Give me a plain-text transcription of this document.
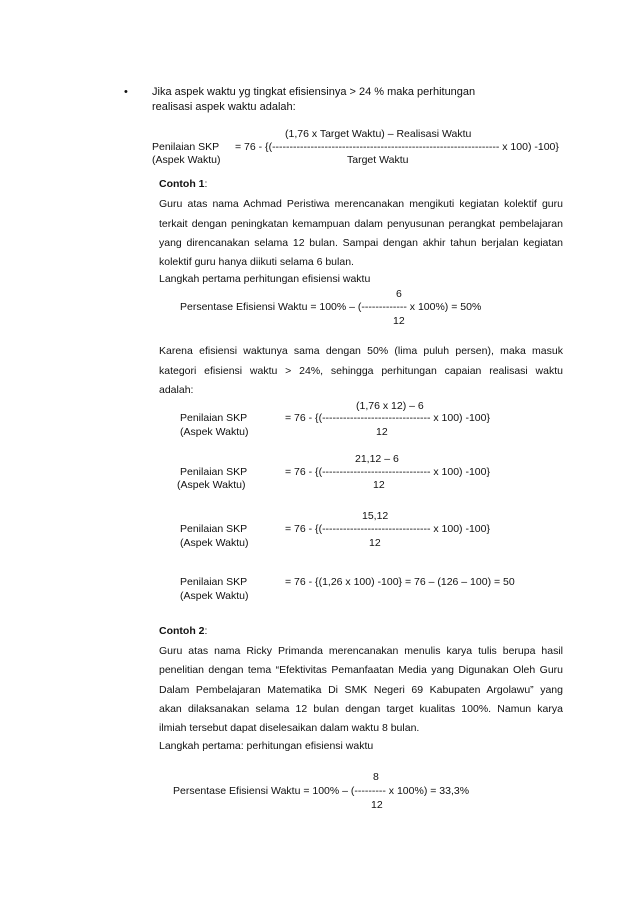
• Jika aspek waktu yg tingkat efisiensinya > 24 % maka perhitungan
realisasi aspek waktu adalah:
(1,76 x Target Waktu) – Realisasi Waktu
Penilaian SKP = 76 - {(----------------------------------------------------------------- x 100) -100}
(Aspek Waktu)	Target Waktu
Contoh 1:
Guru atas nama Achmad Peristiwa merencanakan mengikuti kegiatan kolektif guru
terkait dengan peningkatan kemampuan dalam penyusunan perangkat pembelajaran
yang direncanakan selama 12 bulan. Sampai dengan akhir tahun berjalan kegiatan
kolektif guru hanya diikuti selama 6 bulan.
Langkah pertama perhitungan efisiensi waktu
6
Persentase Efisiensi Waktu = 100% – (------------- x 100%) = 50%
12
Karena efisiensi waktunya sama dengan 50% (lima puluh persen), maka masuk
kategori efisiensi waktu > 24%, sehingga perhitungan capaian realisasi waktu
adalah:
(1,76 x 12) – 6
Penilaian SKP	= 76 - {(------------------------------- x 100) -100}
(Aspek Waktu)	12
21,12 – 6
Penilaian SKP	= 76 - {(------------------------------- x 100) -100}
(Aspek Waktu)	12
15,12
Penilaian SKP	= 76 - {(------------------------------- x 100) -100}
(Aspek Waktu)	12
Penilaian SKP	= 76 - {(1,26 x 100) -100} = 76 – (126 – 100) = 50
(Aspek Waktu)
Contoh 2:
Guru atas nama Ricky Primanda merencanakan menulis karya tulis berupa hasil
penelitian dengan tema “Efektivitas Pemanfaatan Media yang Digunakan Oleh Guru
Dalam Pembelajaran Matematika Di SMK Negeri 69 Kabupaten Argolawu” yang
akan dilaksanakan selama 12 bulan dengan target kualitas 100%. Namun karya
ilmiah tersebut dapat diselesaikan dalam waktu 8 bulan.
Langkah pertama: perhitungan efisiensi waktu
8
Persentase Efisiensi Waktu = 100% – (--------- x 100%) = 33,3%
12
